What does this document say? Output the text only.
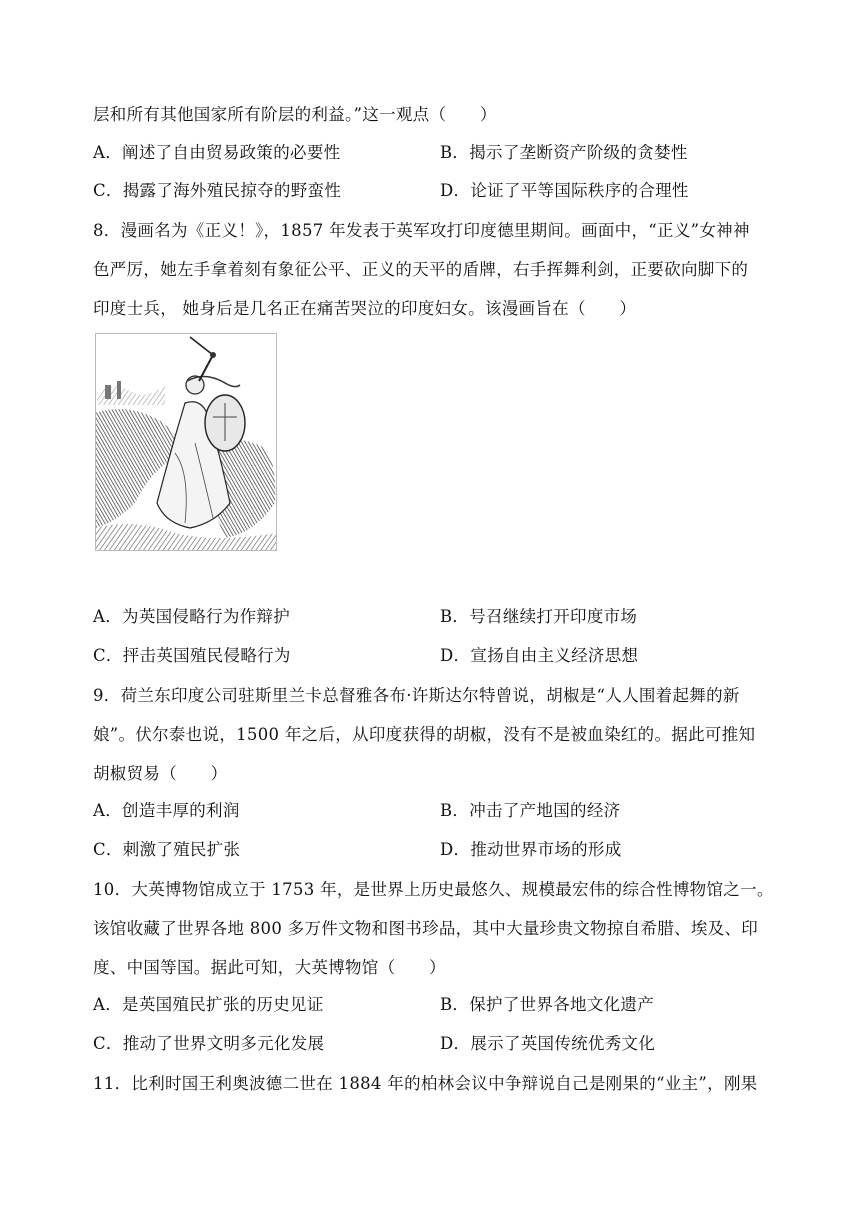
层和所有其他国家所有阶层的利益。”这一观点（　　）
A．阐述了自由贸易政策的必要性	B．揭示了垄断资产阶级的贪婪性
C．揭露了海外殖民掠夺的野蛮性	D．论证了平等国际秩序的合理性
8．漫画名为《正义！》，1857 年发表于英军攻打印度德里期间。画面中，“正义”女神神
色严厉，她左手拿着刻有象征公平、正义的天平的盾牌，右手挥舞利剑，正要砍向脚下的
印度士兵， 她身后是几名正在痛苦哭泣的印度妇女。该漫画旨在（　　）
A．为英国侵略行为作辩护	B．号召继续打开印度市场
C．抨击英国殖民侵略行为	D．宣扬自由主义经济思想
9．荷兰东印度公司驻斯里兰卡总督雅各布·许斯达尔特曾说，胡椒是“人人围着起舞的新
娘”。伏尔泰也说，1500 年之后，从印度获得的胡椒，没有不是被血染红的。据此可推知
胡椒贸易（　　）
A．创造丰厚的利润	B．冲击了产地国的经济
C．刺激了殖民扩张	D．推动世界市场的形成
10．大英博物馆成立于 1753 年，是世界上历史最悠久、规模最宏伟的综合性博物馆之一。
该馆收藏了世界各地 800 多万件文物和图书珍品，其中大量珍贵文物掠自希腊、埃及、印
度、中国等国。据此可知，大英博物馆（　　）
A．是英国殖民扩张的历史见证	B．保护了世界各地文化遗产
C．推动了世界文明多元化发展	D．展示了英国传统优秀文化
11．比利时国王利奥波德二世在 1884 年的柏林会议中争辩说自己是刚果的“业主”，刚果
